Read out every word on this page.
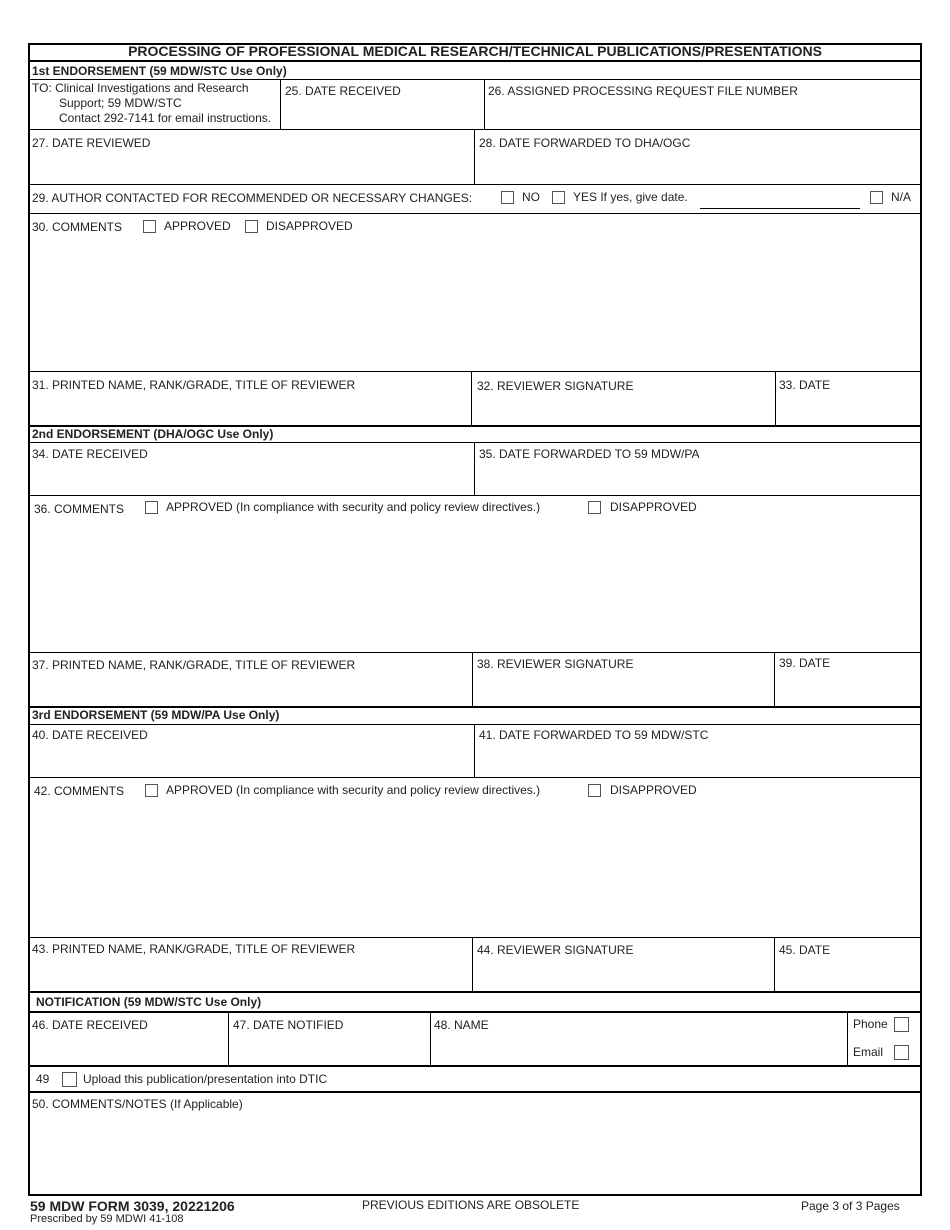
PROCESSING OF PROFESSIONAL MEDICAL RESEARCH/TECHNICAL PUBLICATIONS/PRESENTATIONS
1st ENDORSEMENT (59 MDW/STC Use Only)
TO: Clinical Investigations and Research
Support; 59 MDW/STC
Contact 292-7141 for email instructions.
25. DATE RECEIVED	26. ASSIGNED PROCESSING REQUEST FILE NUMBER
27. DATE REVIEWED	28. DATE FORWARDED TO DHA/OGC
29. AUTHOR CONTACTED FOR RECOMMENDED OR NECESSARY CHANGES:	NO	YES If yes, give date.	N/A
30. COMMENTS	APPROVED	DISAPPROVED
31. PRINTED NAME, RANK/GRADE, TITLE OF REVIEWER	32. REVIEWER SIGNATURE	33. DATE
2nd ENDORSEMENT (DHA/OGC Use Only)
34. DATE RECEIVED	35. DATE FORWARDED TO 59 MDW/PA
36. COMMENTS	APPROVED (In compliance with security and policy review directives.)	DISAPPROVED
37. PRINTED NAME, RANK/GRADE, TITLE OF REVIEWER	38. REVIEWER SIGNATURE	39. DATE
3rd ENDORSEMENT (59 MDW/PA Use Only)
40. DATE RECEIVED	41. DATE FORWARDED TO 59 MDW/STC
42. COMMENTS	APPROVED (In compliance with security and policy review directives.)	DISAPPROVED
43. PRINTED NAME, RANK/GRADE, TITLE OF REVIEWER	44. REVIEWER SIGNATURE	45. DATE
NOTIFICATION (59 MDW/STC Use Only)
46. DATE RECEIVED	47. DATE NOTIFIED	48. NAME	Phone
Email
49	Upload this publication/presentation into DTIC
50. COMMENTS/NOTES (If Applicable)
59 MDW FORM 3039, 20221206
Prescribed by 59 MDWI 41-108
PREVIOUS EDITIONS ARE OBSOLETE	Page 3 of 3 Pages
